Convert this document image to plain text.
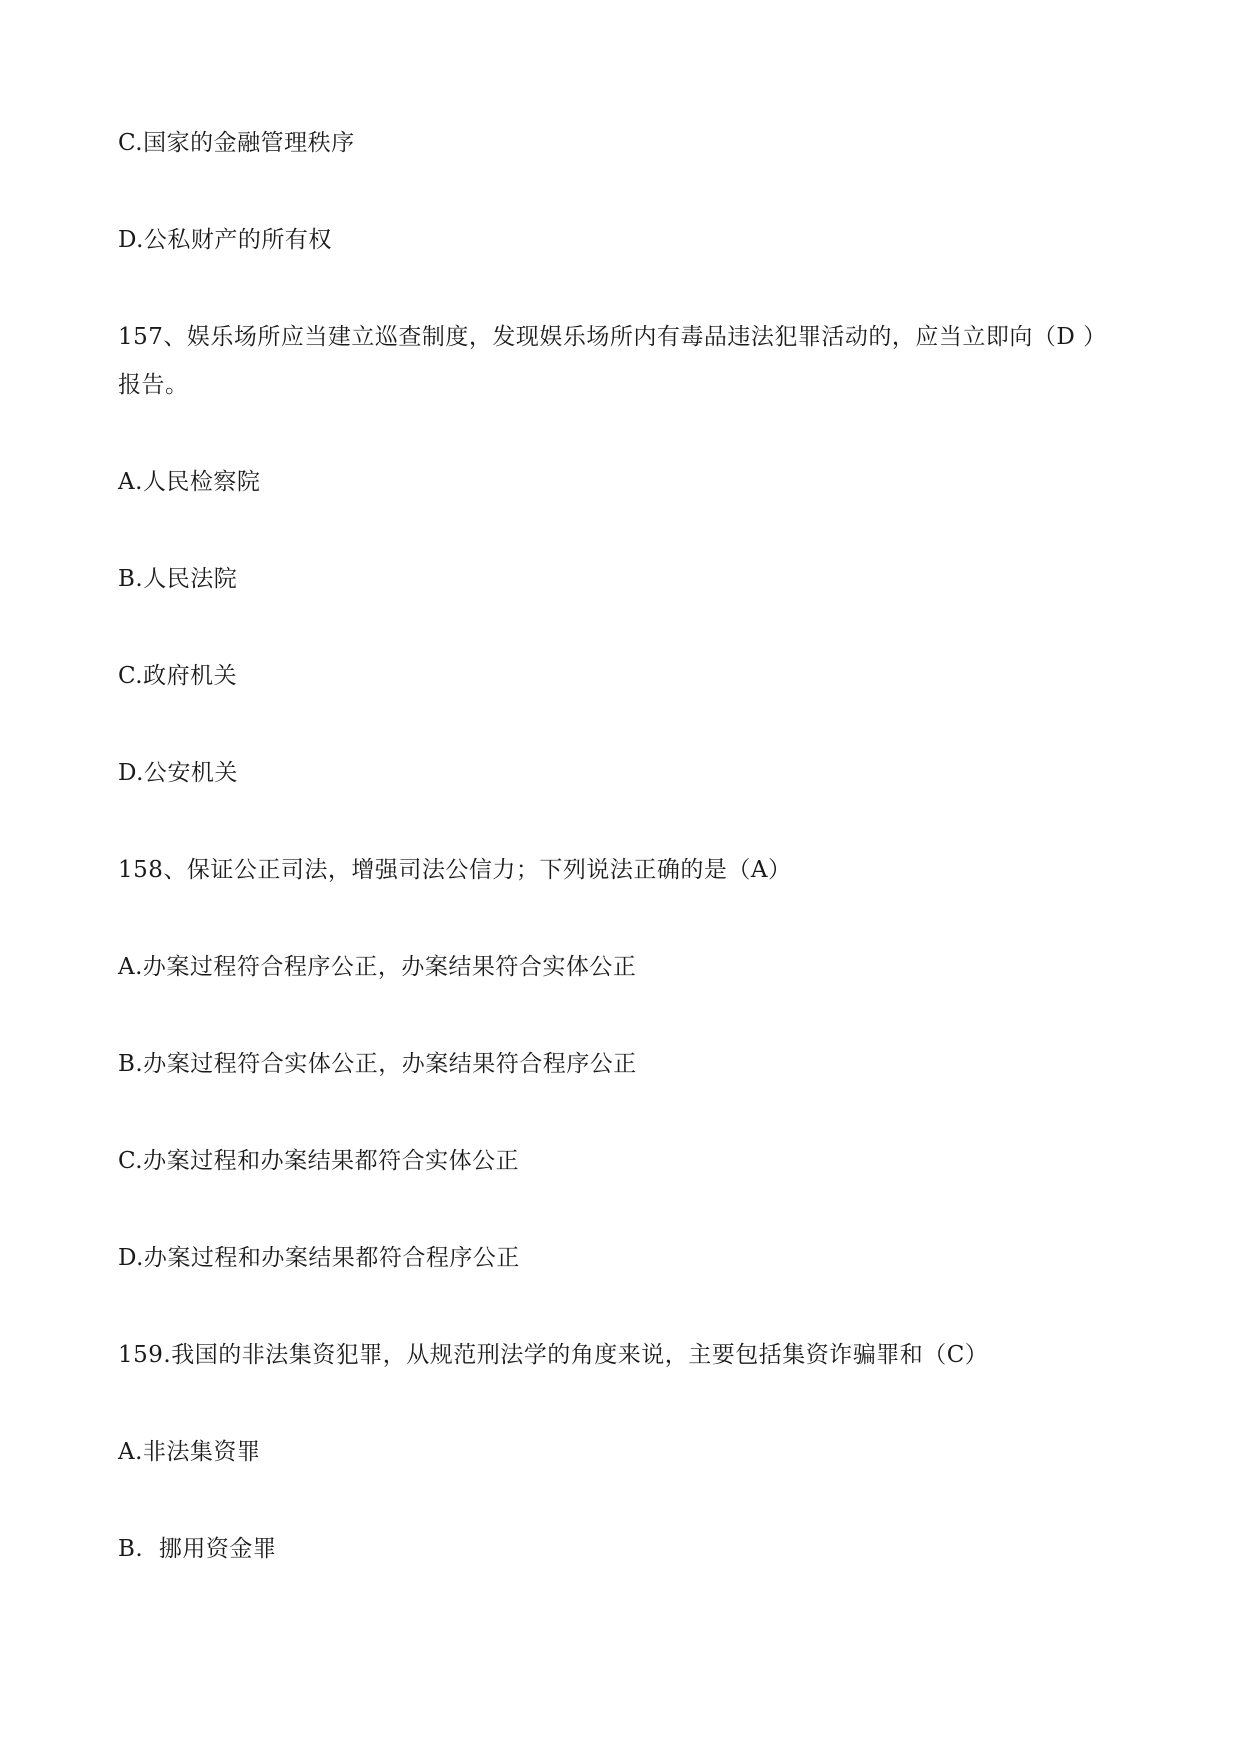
C.国家的金融管理秩序
D.公私财产的所有权
157、娱乐场所应当建立巡查制度，发现娱乐场所内有毒品违法犯罪活动的，应当立即向（D ）
报告。
A.人民检察院
B.人民法院
C.政府机关
D.公安机关
158、保证公正司法，增强司法公信力；下列说法正确的是（A）
A.办案过程符合程序公正，办案结果符合实体公正
B.办案过程符合实体公正，办案结果符合程序公正
C.办案过程和办案结果都符合实体公正
D.办案过程和办案结果都符合程序公正
159.我国的非法集资犯罪，从规范刑法学的角度来说，主要包括集资诈骗罪和（C）
A.非法集资罪
B.  挪用资金罪
